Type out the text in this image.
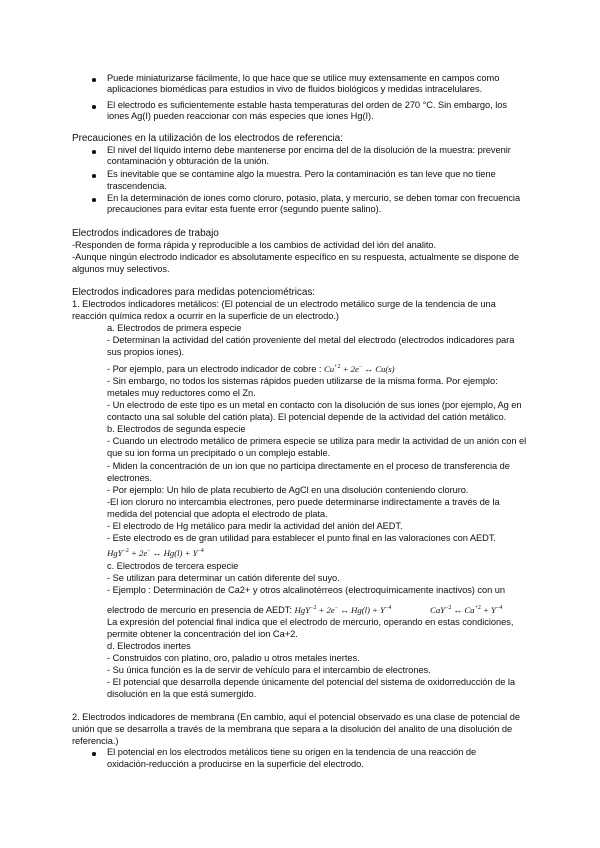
Puede miniaturizarse fácilmente, lo que hace que se utilice muy extensamente en campos como
aplicaciones biomédicas para estudios in vivo de fluidos biológicos y medidas intracelulares.
El electrodo es suficientemente estable hasta temperaturas del orden de 270 °C. Sin embargo, los
iones Ag(I) pueden reaccionar con más especies que iones Hg(I).
Precauciones en la utilización de los electrodos de referencia:
El nivel del líquido interno debe mantenerse por encima del de la disolución de la muestra: prevenir
contaminación y obturación de la unión.
Es inevitable que se contamine algo la muestra. Pero la contaminación es tan leve que no tiene
trascendencia.
En la determinación de iones como cloruro, potasio, plata, y mercurio, se deben tomar con frecuencia
precauciones para evitar esta fuente error (segundo puente salino).
Electrodos indicadores de trabajo
-Responden de forma rápida y reproducible a los cambios de actividad del ión del analito.
-Aunque ningún electrodo indicador es absolutamente específico en su respuesta, actualmente se dispone de
algunos muy selectivos.
Electrodos indicadores para medidas potenciométricas:
1. Electrodos indicadores metálicos: (El potencial de un electrodo metálico surge de la tendencia de una
reacción química redox a ocurrir en la superficie de un electrodo.)
a. Electrodos de primera especie
- Determinan la actividad del catión proveniente del metal del electrodo (electrodos indicadores para
sus propios iones).
- Por ejemplo, para un electrodo indicador de cobre : $Cu^{+2} + 2e^-$ ↔ Cu(s)
- Sin embargo, no todos los sistemas rápidos pueden utilizarse de la misma forma. Por ejemplo:
metales muy reductores como el Zn.
- Un electrodo de este tipo es un metal en contacto con la disolución de sus iones (por ejemplo, Ag en
contacto una sal soluble del catión plata). El potencial depende de la actividad del catión metálico.
b. Electrodos de segunda especie
- Cuando un electrodo metálico de primera especie se utiliza para medir la actividad de un anión con el
que su ion forma un precipitado o un complejo estable.
- Miden la concentración de un ion que no participa directamente en el proceso de transferencia de
electrones.
- Por ejemplo: Un hilo de plata recubierto de AgCl en una disolución conteniendo cloruro.
-El ion cloruro no intercambia electrones, pero puede determinarse indirectamente a través de la
medida del potencial que adopta el electrodo de plata.
- El electrodo de Hg metálico para medir la actividad del anión del AEDT.
- Este electrodo es de gran utilidad para establecer el punto final en las valoraciones con AEDT.
HgY$^{-2}$ + 2e− ↔ $Hg(l) + Y^{-4}$
c. Electrodos de tercera especie
- Se utilizan para determinar un catión diferente del suyo.
- Ejemplo : Determinación de Ca2+ y otros alcalinotérreos (electroquímicamente inactivos) con un
electrodo de mercurio en presencia de AEDT: HgY$^{-2}$ + 2e− ↔ $Hg(l) + Y^{-4}$	CaY$^{-2}$ ↔ $Ca^{+2} + Y^{-4}$
La expresión del potencial final indica que el electrodo de mercurio, operando en estas condiciones,
permite obtener la concentración del ion Ca+2.
d. Electrodos inertes
- Construidos con platino, oro, paladio u otros metales inertes.
- Su única función es la de servir de vehículo para el intercambio de electrones.
- El potencial que desarrolla depende únicamente del potencial del sistema de oxidorreducción de la
disolución en la que está sumergido.
2. Electrodos indicadores de membrana (En cambio, aquí el potencial observado es una clase de potencial de
unión que se desarrolla a través de la membrana que separa a la disolución del analito de una disolución de
referencia.)
El potencial en los electrodos metálicos tiene su origen en la tendencia de una reacción de
oxidación-reducción a producirse en la superficie del electrodo.
